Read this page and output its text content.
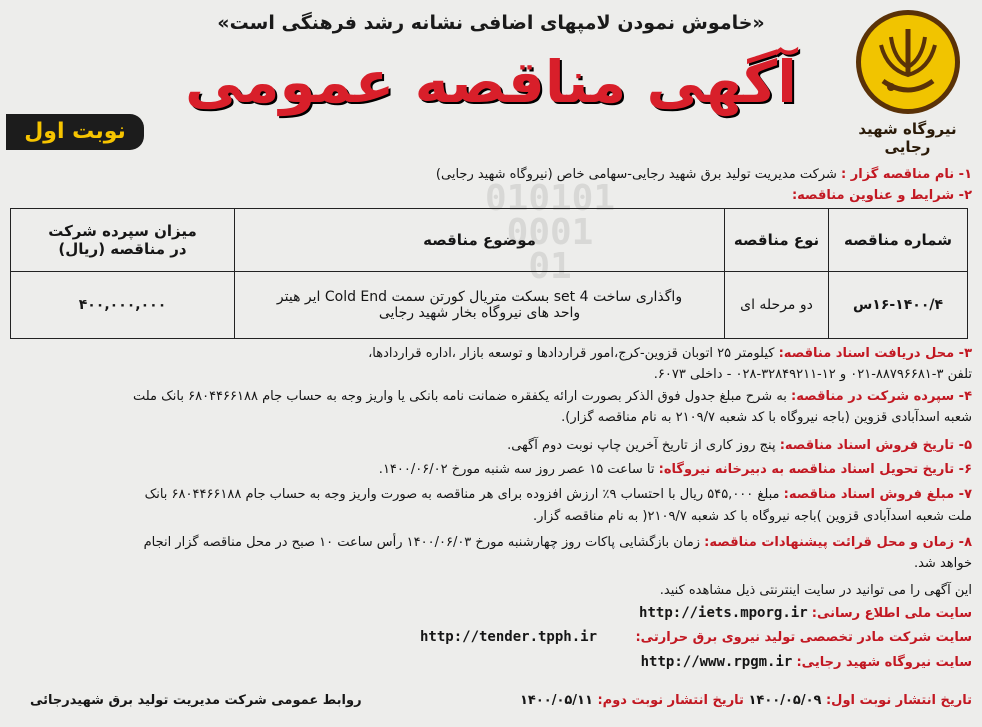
010101
0001
01
نیروگاه شهید رجایی
«خاموش نمودن لامپهای اضافی نشانه رشد فرهنگی است»
آگهی مناقصه عمومی
نوبت اول
۱- نام مناقصه گزار : شرکت مدیریت تولید برق شهید رجایی-سهامی خاص (نیروگاه شهید رجایی)
۲- شرایط و عناوین مناقصه:
شماره مناقصه	نوع مناقصه	موضوع مناقصه	میزان سپرده شرکت
در مناقصه (ریال)

۱۶-۱۴۰۰/۴س	دو مرحله ای	واگذاری ساخت 4 set بسکت متریال کورتن سمت Cold End ایر هیتر
واحد های نیروگاه بخار شهید رجایی	۴۰۰,۰۰۰,۰۰۰
۳- محل دریافت اسناد مناقصه: کیلومتر ۲۵ اتوبان قزوین-کرج،امور قراردادها و توسعه بازار ،اداره قراردادها،
تلفن ۳-۸۸۷۹۶۶۸۱-۰۲۱ و ۱۲-۳۲۸۴۹۲۱۱-۰۲۸ - داخلی ۶۰۷۳.
۴- سپرده شرکت در مناقصه: به شرح مبلغ جدول فوق الذکر بصورت ارائه یکفقره ضمانت نامه بانکی یا واریز وجه به حساب جام ۶۸۰۴۴۶۶۱۸۸ بانک ملت
شعبه اسدآبادی قزوین (باجه نیروگاه با کد شعبه ۲۱۰۹/۷ به نام مناقصه گزار).
۵- تاریخ فروش اسناد مناقصه: پنج روز کاری از تاریخ آخرین چاپ نوبت دوم آگهی.
۶- تاریخ تحویل اسناد مناقصه به دبیرخانه نیروگاه: تا ساعت ۱۵ عصر روز سه شنبه مورخ ۱۴۰۰/۰۶/۰۲.
۷- مبلغ فروش اسناد مناقصه: مبلغ ۵۴۵,۰۰۰ ریال با احتساب ۹٪ ارزش افزوده برای هر مناقصه به صورت واریز وجه به حساب جام ۶۸۰۴۴۶۶۱۸۸ بانک
ملت شعبه اسدآبادی قزوین )باجه نیروگاه با کد شعبه ۲۱۰۹/۷( به نام مناقصه گزار.
۸- زمان و محل قرائت پیشنهادات مناقصه: زمان بازگشایی پاکات روز چهارشنبه مورخ ۱۴۰۰/۰۶/۰۳ رأس ساعت ۱۰ صبح در محل مناقصه گزار انجام
خواهد شد.
این آگهی را می توانید در سایت اینترنتی ذیل مشاهده کنید.
سایت ملی اطلاع رسانی: http://iets.mporg.ir
سایت شرکت مادر تخصصی تولید نیروی برق حرارتی:
http://tender.tpph.ir
سایت نیروگاه شهید رجایی: http://www.rpgm.ir
تاریخ انتشار نوبت اول: ۱۴۰۰/۰۵/۰۹ تاریخ انتشار نوبت دوم: ۱۴۰۰/۰۵/۱۱
روابط عمومی شرکت مدیریت تولید برق شهیدرجائی
